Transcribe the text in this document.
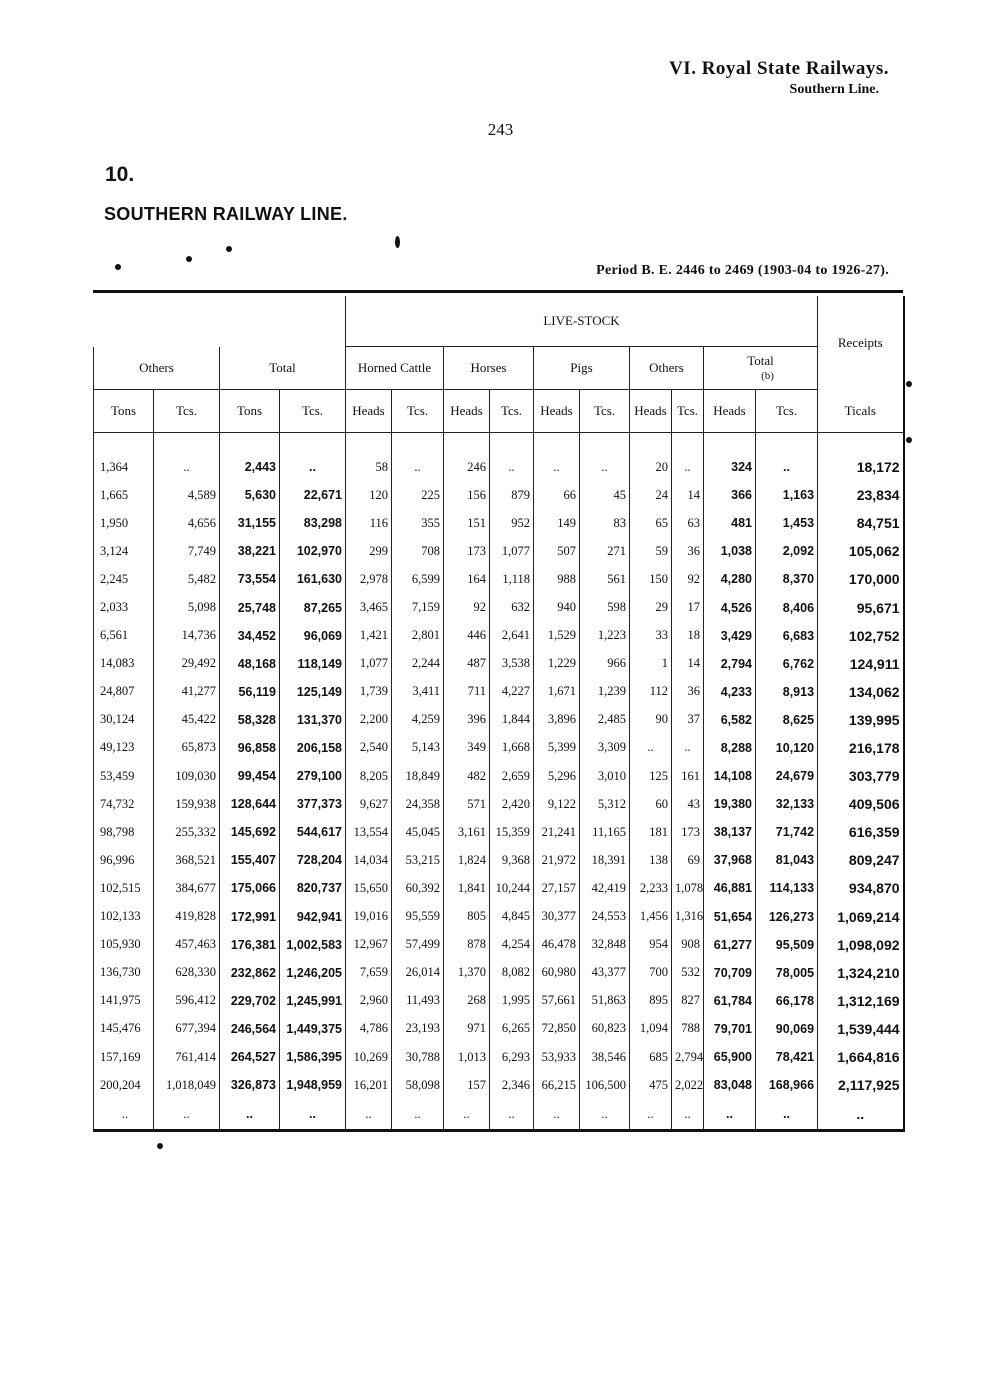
VI. Royal State Railways.
Southern Line.
243
10.
SOUTHERN RAILWAY LINE.
Period B. E. 2446 to 2469 (1903-04 to 1926-27).
				LIVE-STOCK										Receipts
Others		Total		Horned Cattle		Horses		Pigs		Others		Total
(b)		
Tons	Tcs.	Tons	Tcs.	Heads	Tcs.	Heads	Tcs.	Heads	Tcs.	Heads	Tcs.	Heads	Tcs.	Ticals

1,364	..	2,443	..	58	..	246	..	..	..	20	..	324	..	18,172
1,665	4,589	5,630	22,671	120	225	156	879	66	45	24	14	366	1,163	23,834
1,950	4,656	31,155	83,298	116	355	151	952	149	83	65	63	481	1,453	84,751
3,124	7,749	38,221	102,970	299	708	173	1,077	507	271	59	36	1,038	2,092	105,062
2,245	5,482	73,554	161,630	2,978	6,599	164	1,118	988	561	150	92	4,280	8,370	170,000
2,033	5,098	25,748	87,265	3,465	7,159	92	632	940	598	29	17	4,526	8,406	95,671
6,561	14,736	34,452	96,069	1,421	2,801	446	2,641	1,529	1,223	33	18	3,429	6,683	102,752
14,083	29,492	48,168	118,149	1,077	2,244	487	3,538	1,229	966	1	14	2,794	6,762	124,911
24,807	41,277	56,119	125,149	1,739	3,411	711	4,227	1,671	1,239	112	36	4,233	8,913	134,062
30,124	45,422	58,328	131,370	2,200	4,259	396	1,844	3,896	2,485	90	37	6,582	8,625	139,995
49,123	65,873	96,858	206,158	2,540	5,143	349	1,668	5,399	3,309	..	..	8,288	10,120	216,178
53,459	109,030	99,454	279,100	8,205	18,849	482	2,659	5,296	3,010	125	161	14,108	24,679	303,779
74,732	159,938	128,644	377,373	9,627	24,358	571	2,420	9,122	5,312	60	43	19,380	32,133	409,506
98,798	255,332	145,692	544,617	13,554	45,045	3,161	15,359	21,241	11,165	181	173	38,137	71,742	616,359
96,996	368,521	155,407	728,204	14,034	53,215	1,824	9,368	21,972	18,391	138	69	37,968	81,043	809,247
102,515	384,677	175,066	820,737	15,650	60,392	1,841	10,244	27,157	42,419	2,233	1,078	46,881	114,133	934,870
102,133	419,828	172,991	942,941	19,016	95,559	805	4,845	30,377	24,553	1,456	1,316	51,654	126,273	1,069,214
105,930	457,463	176,381	1,002,583	12,967	57,499	878	4,254	46,478	32,848	954	908	61,277	95,509	1,098,092
136,730	628,330	232,862	1,246,205	7,659	26,014	1,370	8,082	60,980	43,377	700	532	70,709	78,005	1,324,210
141,975	596,412	229,702	1,245,991	2,960	11,493	268	1,995	57,661	51,863	895	827	61,784	66,178	1,312,169
145,476	677,394	246,564	1,449,375	4,786	23,193	971	6,265	72,850	60,823	1,094	788	79,701	90,069	1,539,444
157,169	761,414	264,527	1,586,395	10,269	30,788	1,013	6,293	53,933	38,546	685	2,794	65,900	78,421	1,664,816
200,204	1,018,049	326,873	1,948,959	16,201	58,098	157	2,346	66,215	106,500	475	2,022	83,048	168,966	2,117,925
..	..	..	..	..	..	..	..	..	..	..	..	..	..	..
